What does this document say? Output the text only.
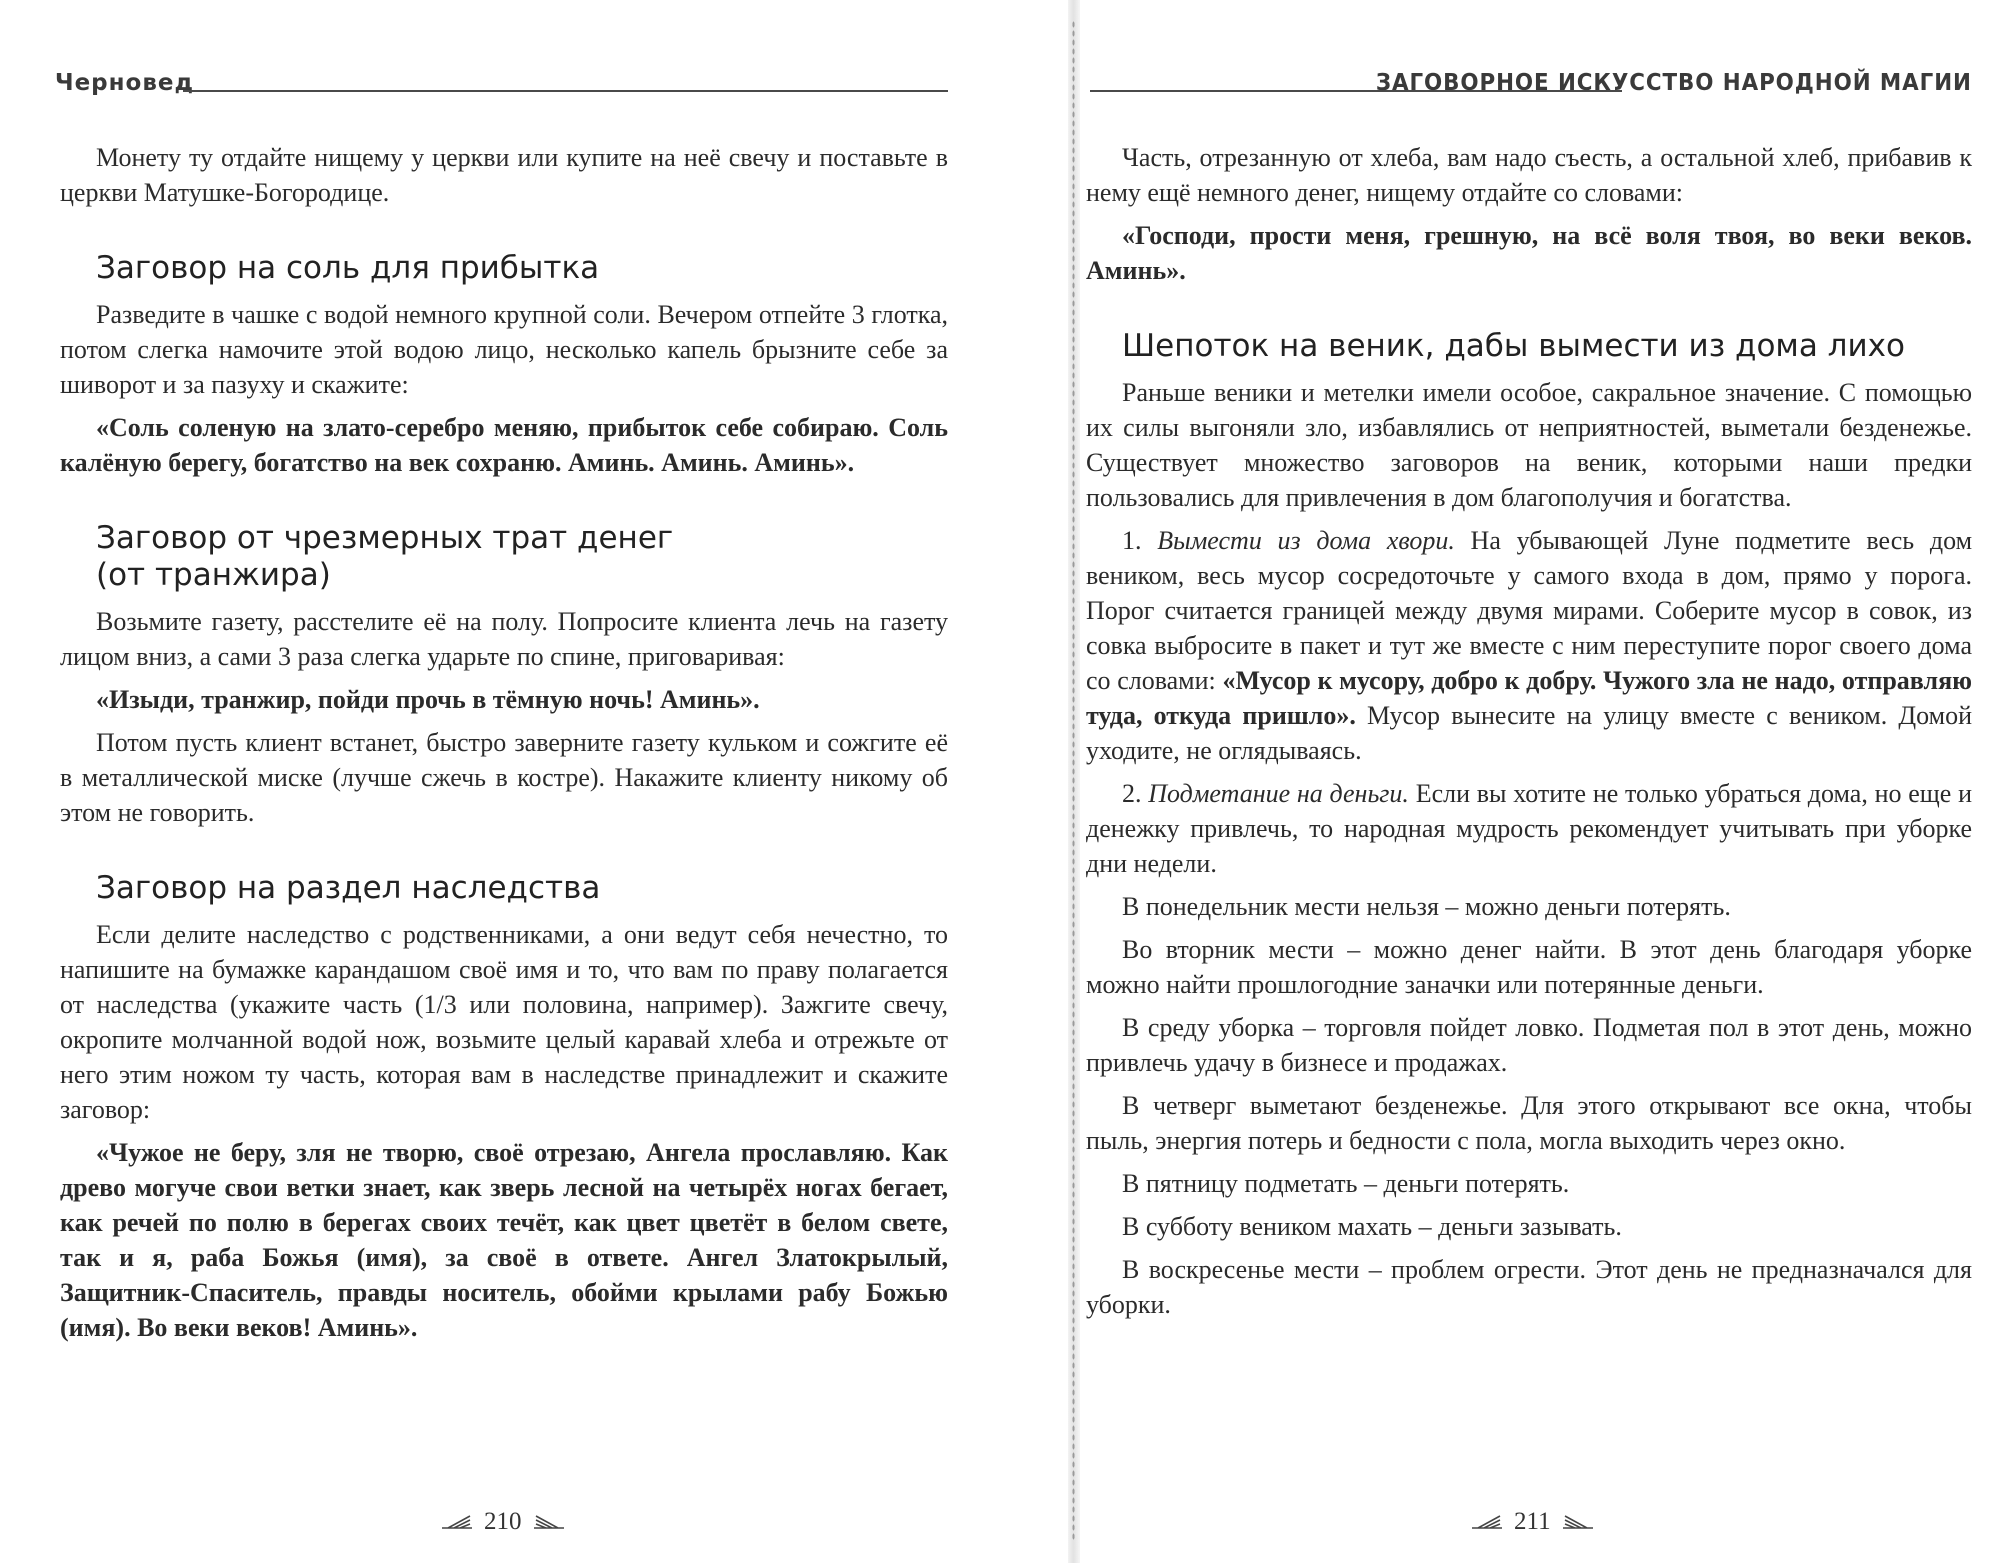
Черновед

Монету ту отдайте нищему у церкви или купите на неё свечу и поставьте в церкви Матушке-Богородице.

Заговор на соль для прибытка

Разведите в чашке с водой немного крупной соли. Вечером отпейте 3 глотка, потом слегка намочите этой водою лицо, несколько капель брызните себе за шиворот и за пазуху и скажите:

«Соль соленую на злато-серебро меняю, прибыток себе собираю. Соль калёную берегу, богатство на век сохраню. Аминь. Аминь. Аминь».

Заговор от чрезмерных трат денег (от транжира)

Возьмите газету, расстелите её на полу. Попросите клиента лечь на газету лицом вниз, а сами 3 раза слегка ударьте по спине, приговаривая:

«Изыди, транжир, пойди прочь в тёмную ночь! Аминь».

Потом пусть клиент встанет, быстро заверните газету кульком и сожгите её в металлической миске (лучше сжечь в костре). Накажите клиенту никому об этом не говорить.

Заговор на раздел наследства

Если делите наследство с родственниками, а они ведут себя нечестно, то напишите на бумажке карандашом своё имя и то, что вам по праву полагается от наследства (укажите часть (1/3 или половина, например). Зажгите свечу, окропите молчанной водой нож, возьмите целый каравай хлеба и отрежьте от него этим ножом ту часть, которая вам в наследстве принадлежит и скажите заговор:

«Чужое не беру, зля не творю, своё отрезаю, Ангела прославляю. Как древо могуче свои ветки знает, как зверь лесной на четырёх ногах бегает, как речей по полю в берегах своих течёт, как цвет цветёт в белом свете, так и я, раба Божья (имя), за своё в ответе. Ангел Златокрылый, Защитник-Спаситель, правды носитель, обойми крылами рабу Божью (имя). Во веки веков! Аминь».

210
ЗАГОВОРНОЕ ИСКУССТВО НАРОДНОЙ МАГИИ

Часть, отрезанную от хлеба, вам надо съесть, а остальной хлеб, прибавив к нему ещё немного денег, нищему отдайте со словами:

«Господи, прости меня, грешную, на всё воля твоя, во веки веков. Аминь».

Шепоток на веник, дабы вымести из дома лихо

Раньше веники и метелки имели особое, сакральное значение. С помощью их силы выгоняли зло, избавлялись от неприятностей, выметали безденежье. Существует множество заговоров на веник, которыми наши предки пользовались для привлечения в дом благополучия и богатства.

1. Вымести из дома хвори. На убывающей Луне подметите весь дом веником, весь мусор сосредоточьте у самого входа в дом, прямо у порога. Порог считается границей между двумя мирами. Соберите мусор в совок, из совка выбросите в пакет и тут же вместе с ним переступите порог своего дома со словами: «Мусор к мусору, добро к добру. Чужого зла не надо, отправляю туда, откуда пришло». Мусор вынесите на улицу вместе с веником. Домой уходите, не оглядываясь.

2. Подметание на деньги. Если вы хотите не только убраться дома, но еще и денежку привлечь, то народная мудрость рекомендует учитывать при уборке дни недели.

В понедельник мести нельзя – можно деньги потерять.

Во вторник мести – можно денег найти. В этот день благодаря уборке можно найти прошлогодние заначки или потерянные деньги.

В среду уборка – торговля пойдет ловко. Подметая пол в этот день, можно привлечь удачу в бизнесе и продажах.

В четверг выметают безденежье. Для этого открывают все окна, чтобы пыль, энергия потерь и бедности с пола, могла выходить через окно.

В пятницу подметать – деньги потерять.

В субботу веником махать – деньги зазывать.

В воскресенье мести – проблем огрести. Этот день не предназначался для уборки.

211
